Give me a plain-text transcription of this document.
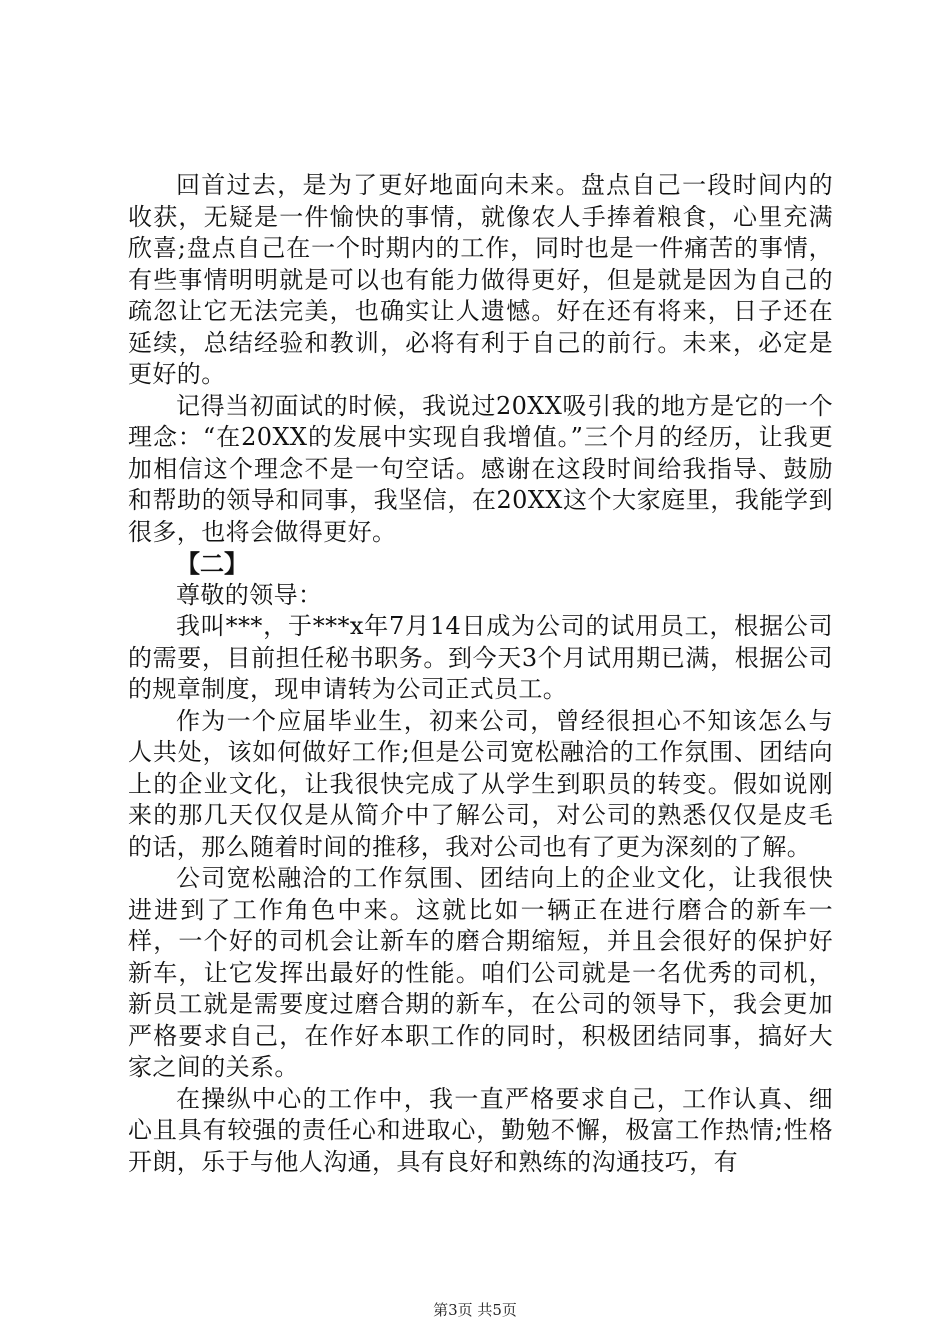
回首过去，是为了更好地面向未来。盘点自己一段时间内的收获，无疑是一件愉快的事情，就像农人手捧着粮食，心里充满欣喜;盘点自己在一个时期内的工作，同时也是一件痛苦的事情，有些事情明明就是可以也有能力做得更好，但是就是因为自己的疏忽让它无法完美，也确实让人遗憾。好在还有将来，日子还在延续，总结经验和教训，必将有利于自己的前行。未来，必定是更好的。

记得当初面试的时候，我说过20XX吸引我的地方是它的一个理念：“在20XX的发展中实现自我增值。”三个月的经历，让我更加相信这个理念不是一句空话。感谢在这段时间给我指导、鼓励和帮助的领导和同事，我坚信，在20XX这个大家庭里，我能学到很多，也将会做得更好。

【二】

尊敬的领导：

我叫***，于***x年7月14日成为公司的试用员工，根据公司的需要，目前担任秘书职务。到今天3个月试用期已满，根据公司的规章制度，现申请转为公司正式员工。

作为一个应届毕业生，初来公司，曾经很担心不知该怎么与人共处，该如何做好工作;但是公司宽松融洽的工作氛围、团结向上的企业文化，让我很快完成了从学生到职员的转变。假如说刚来的那几天仅仅是从简介中了解公司，对公司的熟悉仅仅是皮毛的话，那么随着时间的推移，我对公司也有了更为深刻的了解。

公司宽松融洽的工作氛围、团结向上的企业文化，让我很快进进到了工作角色中来。这就比如一辆正在进行磨合的新车一样，一个好的司机会让新车的磨合期缩短，并且会很好的保护好新车，让它发挥出最好的性能。咱们公司就是一名优秀的司机，新员工就是需要度过磨合期的新车，在公司的领导下，我会更加严格要求自己，在作好本职工作的同时，积极团结同事，搞好大家之间的关系。

在操纵中心的工作中，我一直严格要求自己，工作认真、细心且具有较强的责任心和进取心，勤勉不懈，极富工作热情;性格开朗，乐于与他人沟通，具有良好和熟练的沟通技巧，有

第3页 共5页
